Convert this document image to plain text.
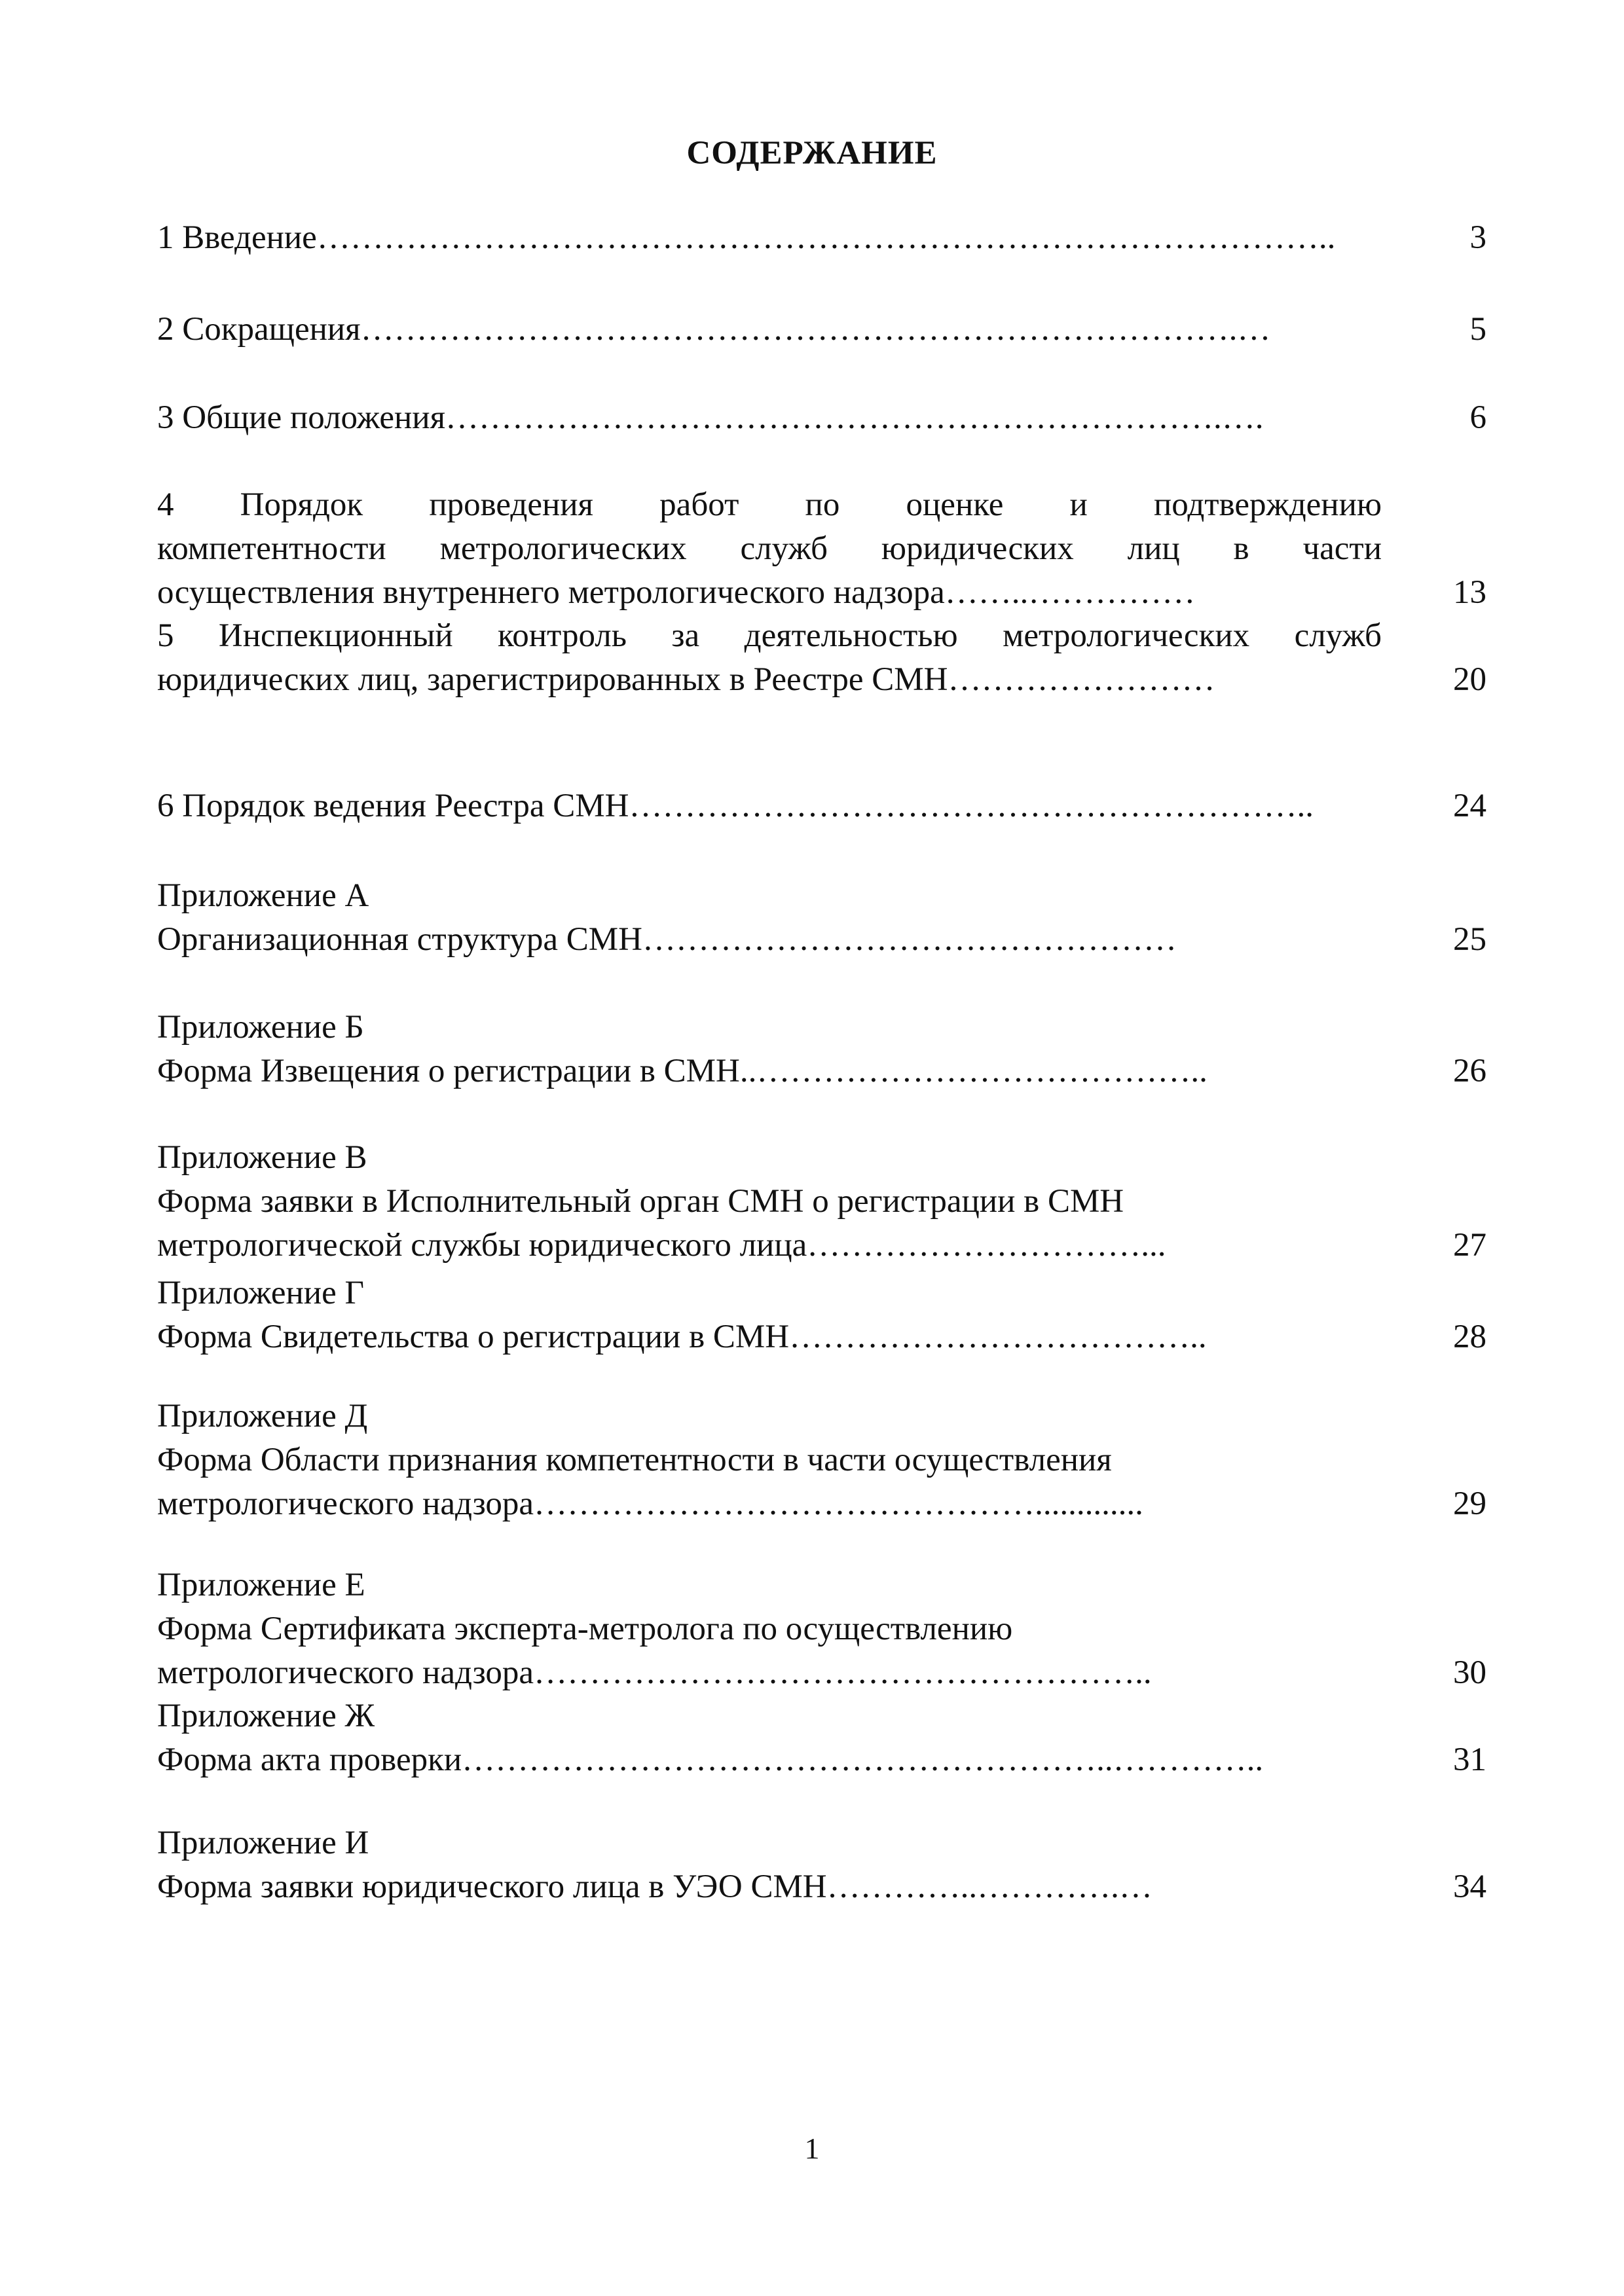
СОДЕРЖАНИЕ
1 Введение ………………………………………………………………………………..	3
2 Сокращения …………………………………………………………………….…	5
3 Общие положения …………………………………………………………….….	6
4 Порядок проведения работ по оценке и подтверждению
компетентности метрологических служб юридических лиц в части
осуществления внутреннего метрологического надзора ……..……………	13
5 Инспекционный контроль за деятельностью метрологических служб
юридических лиц, зарегистрированных в Реестре СМН ……………………	20
6 Порядок ведения Реестра СМН ……………………………………………………..	24
Приложение А
Организационная структура СМН …………………………………………	25
Приложение Б
Форма Извещения о регистрации в СМН ..…………………………………..	26
Приложение В
Форма заявки в Исполнительный орган СМН о регистрации в СМН
метрологической службы юридического лица …………………………...	27
Приложение Г
Форма Свидетельства о регистрации в СМН ………………………………..	28
Приложение Д
Форма Области признания компетентности в части осуществления
метрологического надзора ……………………………………….............	29
Приложение Е
Форма Сертификата эксперта-метролога по осуществлению
метрологического надзора ………………………………………………..	30
Приложение Ж
Форма акта проверки …………………………………………………..…………..	31
Приложение И
Форма заявки юридического лица в УЭО СМН …………..………….…	34
1
